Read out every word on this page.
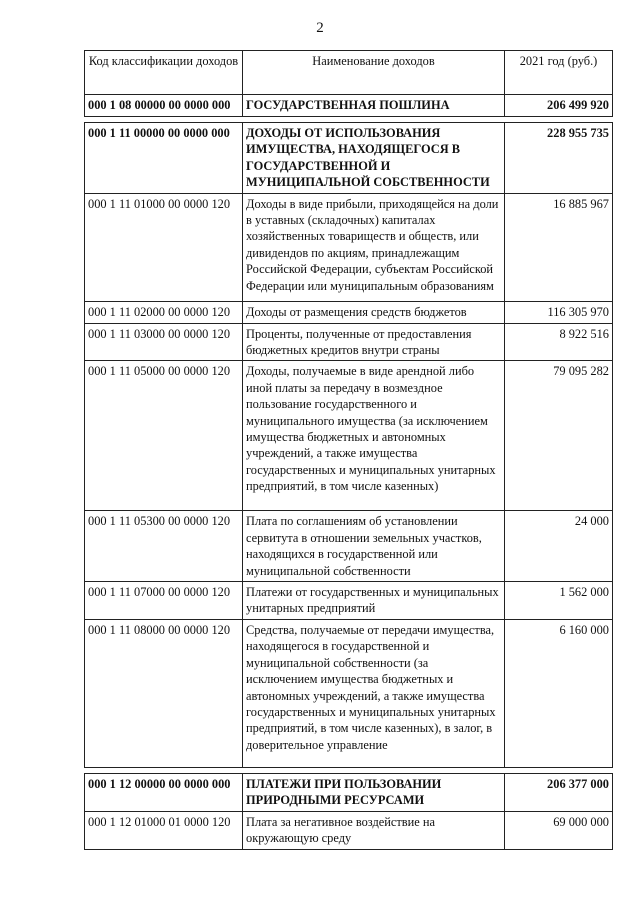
2
Код классификации доходов	Наименование доходов	2021 год (руб.)
000 1 08 00000 00 0000 000	ГОСУДАРСТВЕННАЯ ПОШЛИНА	206 499 920

000 1 11 00000 00 0000 000	ДОХОДЫ ОТ ИСПОЛЬЗОВАНИЯ ИМУЩЕСТВА, НАХОДЯЩЕГОСЯ В ГОСУДАРСТВЕННОЙ И МУНИЦИПАЛЬНОЙ СОБСТВЕННОСТИ	228 955 735
000 1 11 01000 00 0000 120	Доходы в виде прибыли, приходящейся на доли в уставных (складочных) капиталах хозяйственных товариществ и обществ, или дивидендов по акциям, принадлежащим Российской Федерации, субъектам Российской Федерации или муниципальным образованиям	16 885 967
000 1 11 02000 00 0000 120	Доходы от размещения средств бюджетов	116 305 970
000 1 11 03000 00 0000 120	Проценты, полученные от предоставления бюджетных кредитов внутри страны	8 922 516
000 1 11 05000 00 0000 120	Доходы, получаемые в виде арендной либо иной платы за передачу в возмездное пользование государственного и муниципального имущества (за исключением имущества бюджетных и автономных учреждений, а также имущества государственных и муниципальных унитарных предприятий, в том числе казенных)	79 095 282
000 1 11 05300 00 0000 120	Плата по соглашениям об установлении сервитута в отношении земельных участков, находящихся в государственной или муниципальной собственности	24 000
000 1 11 07000 00 0000 120	Платежи от государственных и муниципальных унитарных предприятий	1 562 000
000 1 11 08000 00 0000 120	Средства, получаемые от передачи имущества, находящегося в государственной и муниципальной собственности (за исключением имущества бюджетных и автономных учреждений, а также имущества государственных и муниципальных унитарных предприятий, в том числе казенных), в залог, в доверительное управление	6 160 000

000 1 12 00000 00 0000 000	ПЛАТЕЖИ ПРИ ПОЛЬЗОВАНИИ ПРИРОДНЫМИ РЕСУРСАМИ	206 377 000
000 1 12 01000 01 0000 120	Плата за негативное воздействие на окружающую среду	69 000 000
